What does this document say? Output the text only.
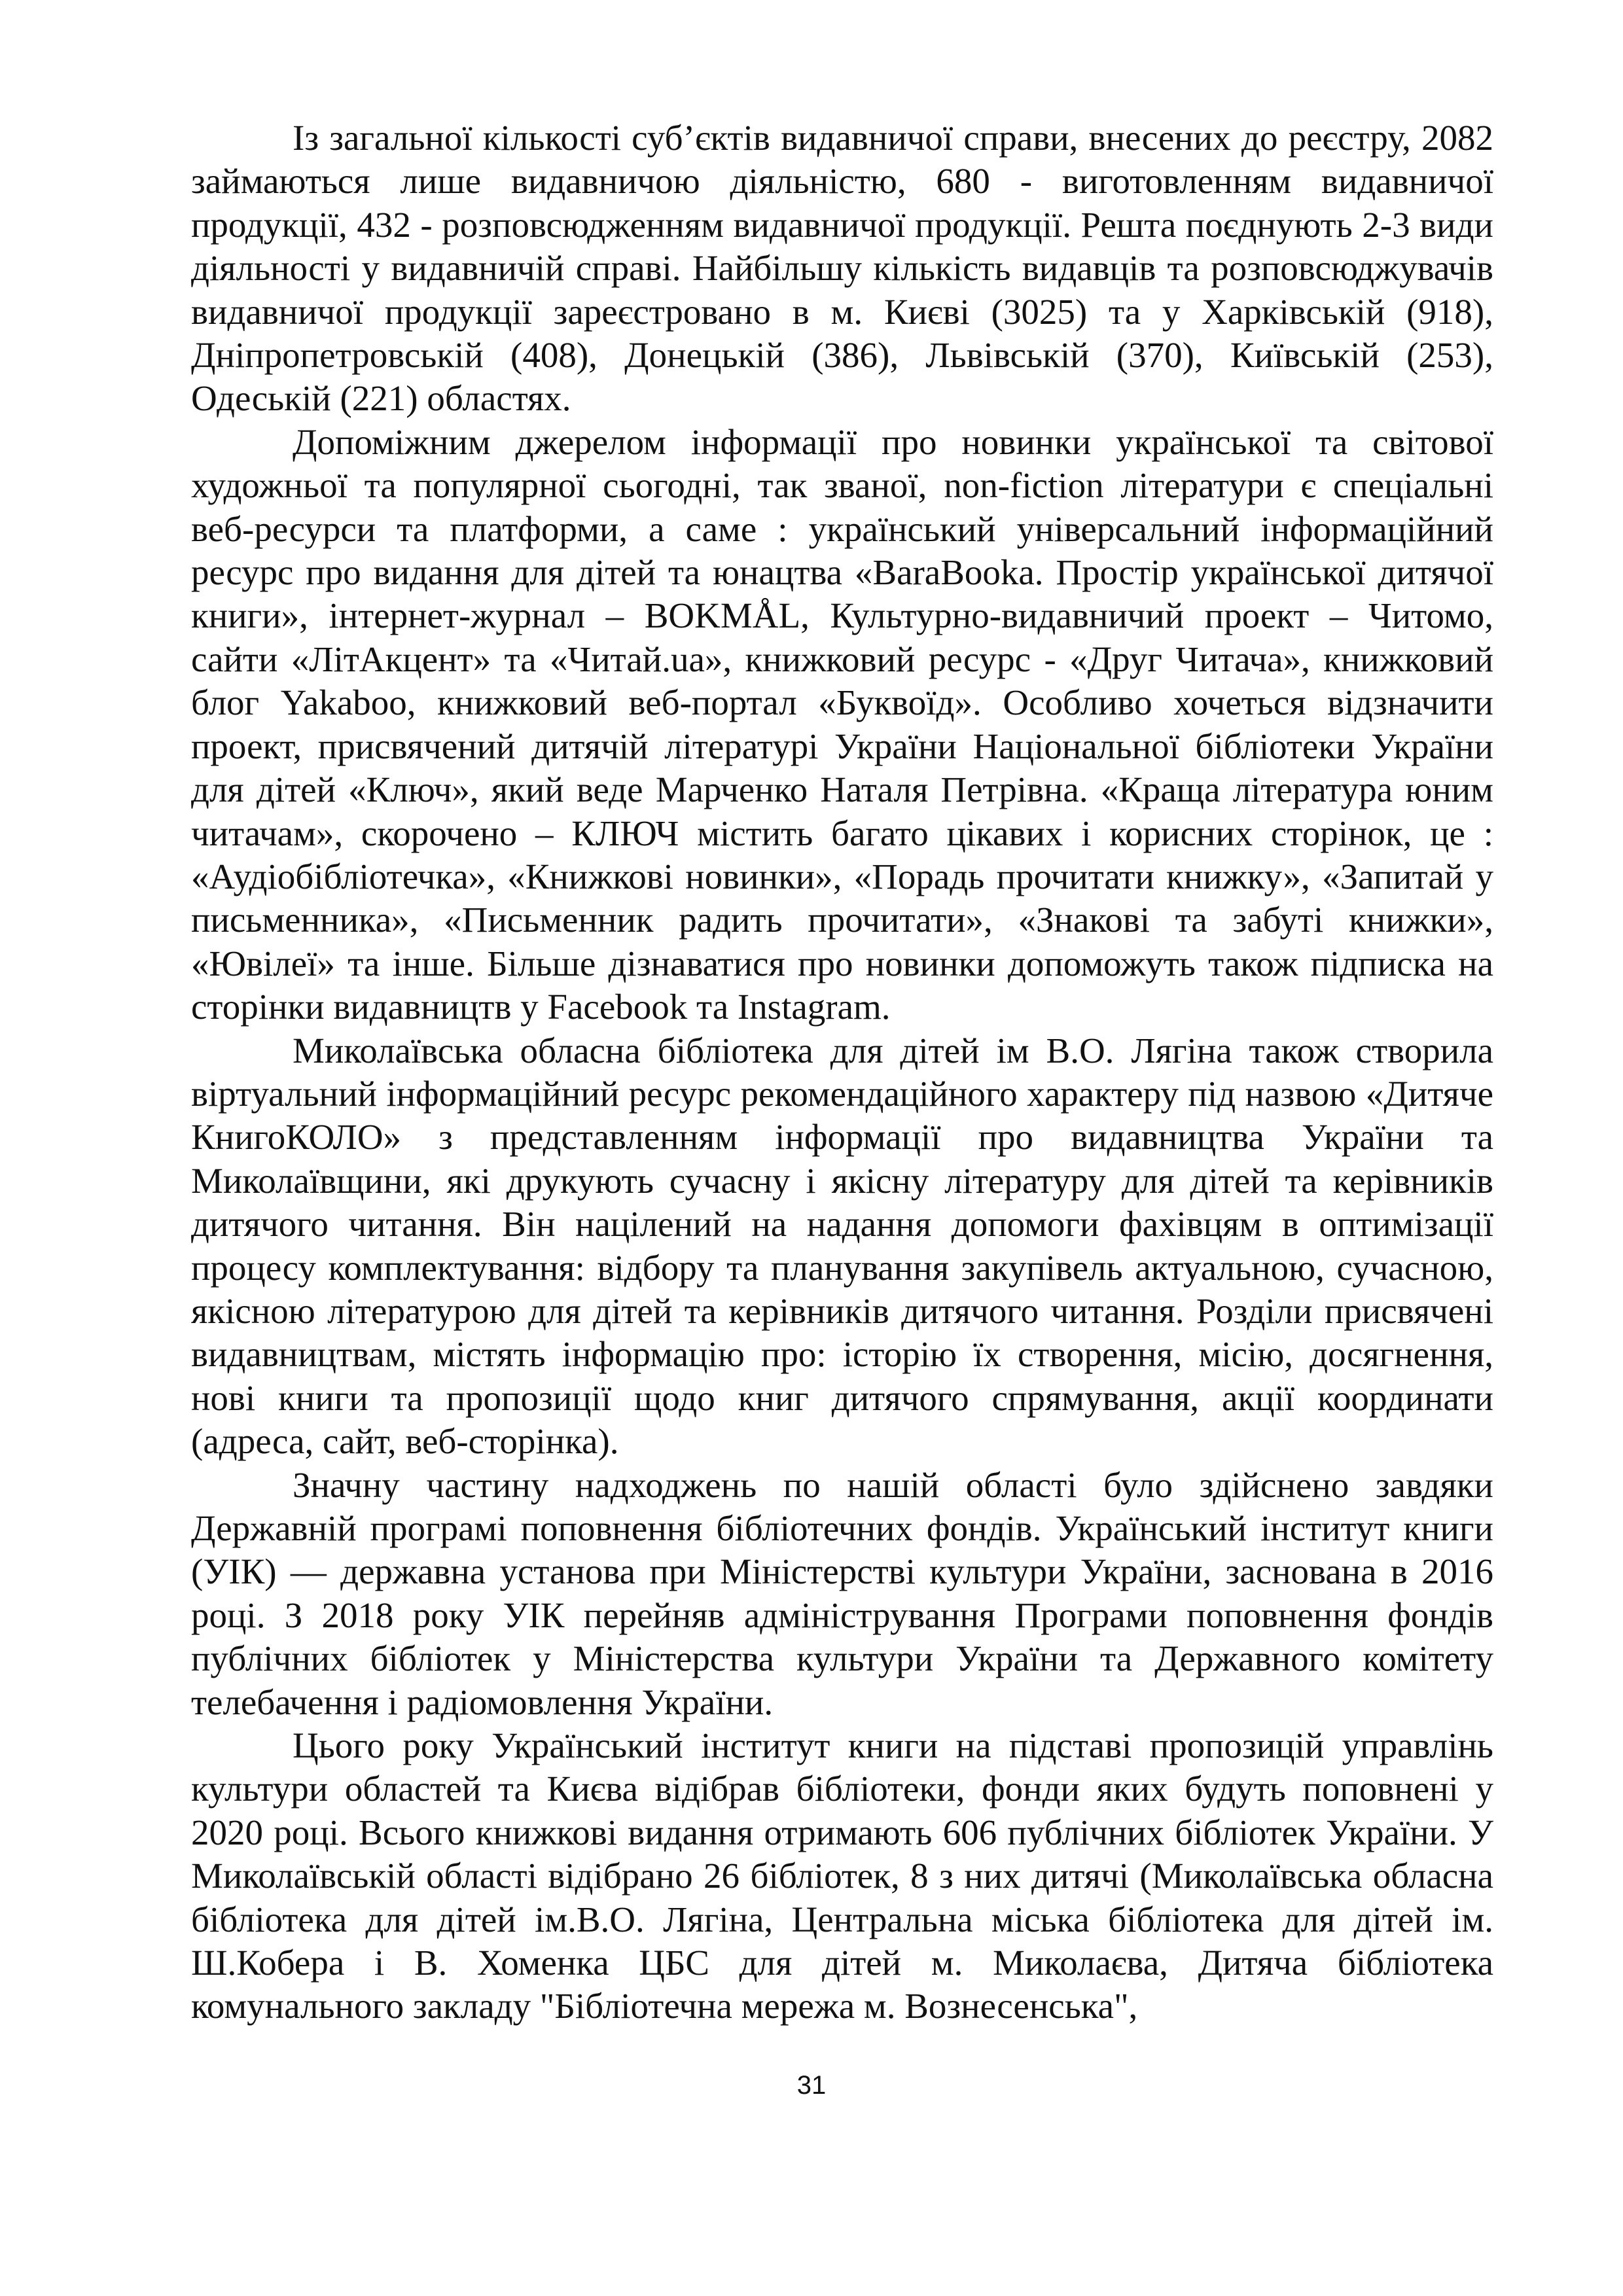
Із загальної кількості суб’єктів видавничої справи, внесених до реєстру, 2082 займаються лише видавничою діяльністю, 680 - виготовленням видавничої продукції, 432 - розповсюдженням видавничої продукції. Решта поєднують 2-3 види діяльності у видавничій справі. Найбільшу кількість видавців та розповсюджувачів видавничої продукції зареєстровано в м. Києві (3025) та у Харківській (918), Дніпропетровській (408), Донецькій (386), Львівській (370), Київській (253), Одеській (221) областях.

Допоміжним джерелом інформації про новинки української та світової художньої та популярної сьогодні, так званої, non-fiction літератури є спеціальні веб-ресурси та платформи, а саме : український універсальний інформаційний ресурс про видання для дітей та юнацтва «BaraBooka. Простір української дитячої книги», інтернет-журнал – BOKMÅL, Культурно-видавничий проект – Читомо, сайти «ЛітАкцент» та «Читай.ua», книжковий ресурс - «Друг Читача», книжковий блог Yakaboo, книжковий веб-портал «Буквоїд». Особливо хочеться відзначити проект, присвячений дитячій літературі України Національної бібліотеки України для дітей «Ключ», який веде Марченко Наталя Петрівна. «Краща література юним читачам», скорочено – КЛЮЧ містить багато цікавих і корисних сторінок, це : «Аудіобібліотечка», «Книжкові новинки», «Порадь прочитати книжку», «Запитай у письменника», «Письменник радить прочитати», «Знакові та забуті книжки», «Ювілеї» та інше. Більше дізнаватися про новинки допоможуть також підписка на сторінки видавництв у Facebook та Instagram.

Миколаївська обласна бібліотека для дітей ім В.О. Лягіна також створила віртуальний інформаційний ресурс рекомендаційного характеру під назвою «Дитяче КнигоКОЛО» з представленням інформації про видавництва України та Миколаївщини, які друкують сучасну і якісну літературу для дітей та керівників дитячого читання. Він націлений на надання допомоги фахівцям в оптимізації процесу комплектування: відбору та планування закупівель актуальною, сучасною, якісною літературою для дітей та керівників дитячого читання. Розділи присвячені видавництвам, містять інформацію про: історію їх створення, місію, досягнення, нові книги та пропозиції щодо книг дитячого спрямування, акції координати (адреса, сайт, веб-сторінка).

Значну частину надходжень по нашій області було здійснено завдяки Державній програмі поповнення бібліотечних фондів. Український інститут книги (УІК) — державна установа при Міністерстві культури України, заснована в 2016 році. З 2018 року УІК перейняв адміністрування Програми поповнення фондів публічних бібліотек у Міністерства культури України та Державного комітету телебачення і радіомовлення України.

Цього року Український інститут книги на підставі пропозицій управлінь культури областей та Києва відібрав бібліотеки, фонди яких будуть поповнені у 2020 році. Всього книжкові видання отримають 606 публічних бібліотек України. У Миколаївській області відібрано 26 бібліотек, 8 з них дитячі (Миколаївська обласна бібліотека для дітей ім.В.О. Лягіна, Центральна міська бібліотека для дітей ім. Ш.Кобера і В. Хоменка ЦБС для дітей м. Миколаєва, Дитяча бібліотека комунального закладу "Бібліотечна мережа м. Вознесенська",

31
